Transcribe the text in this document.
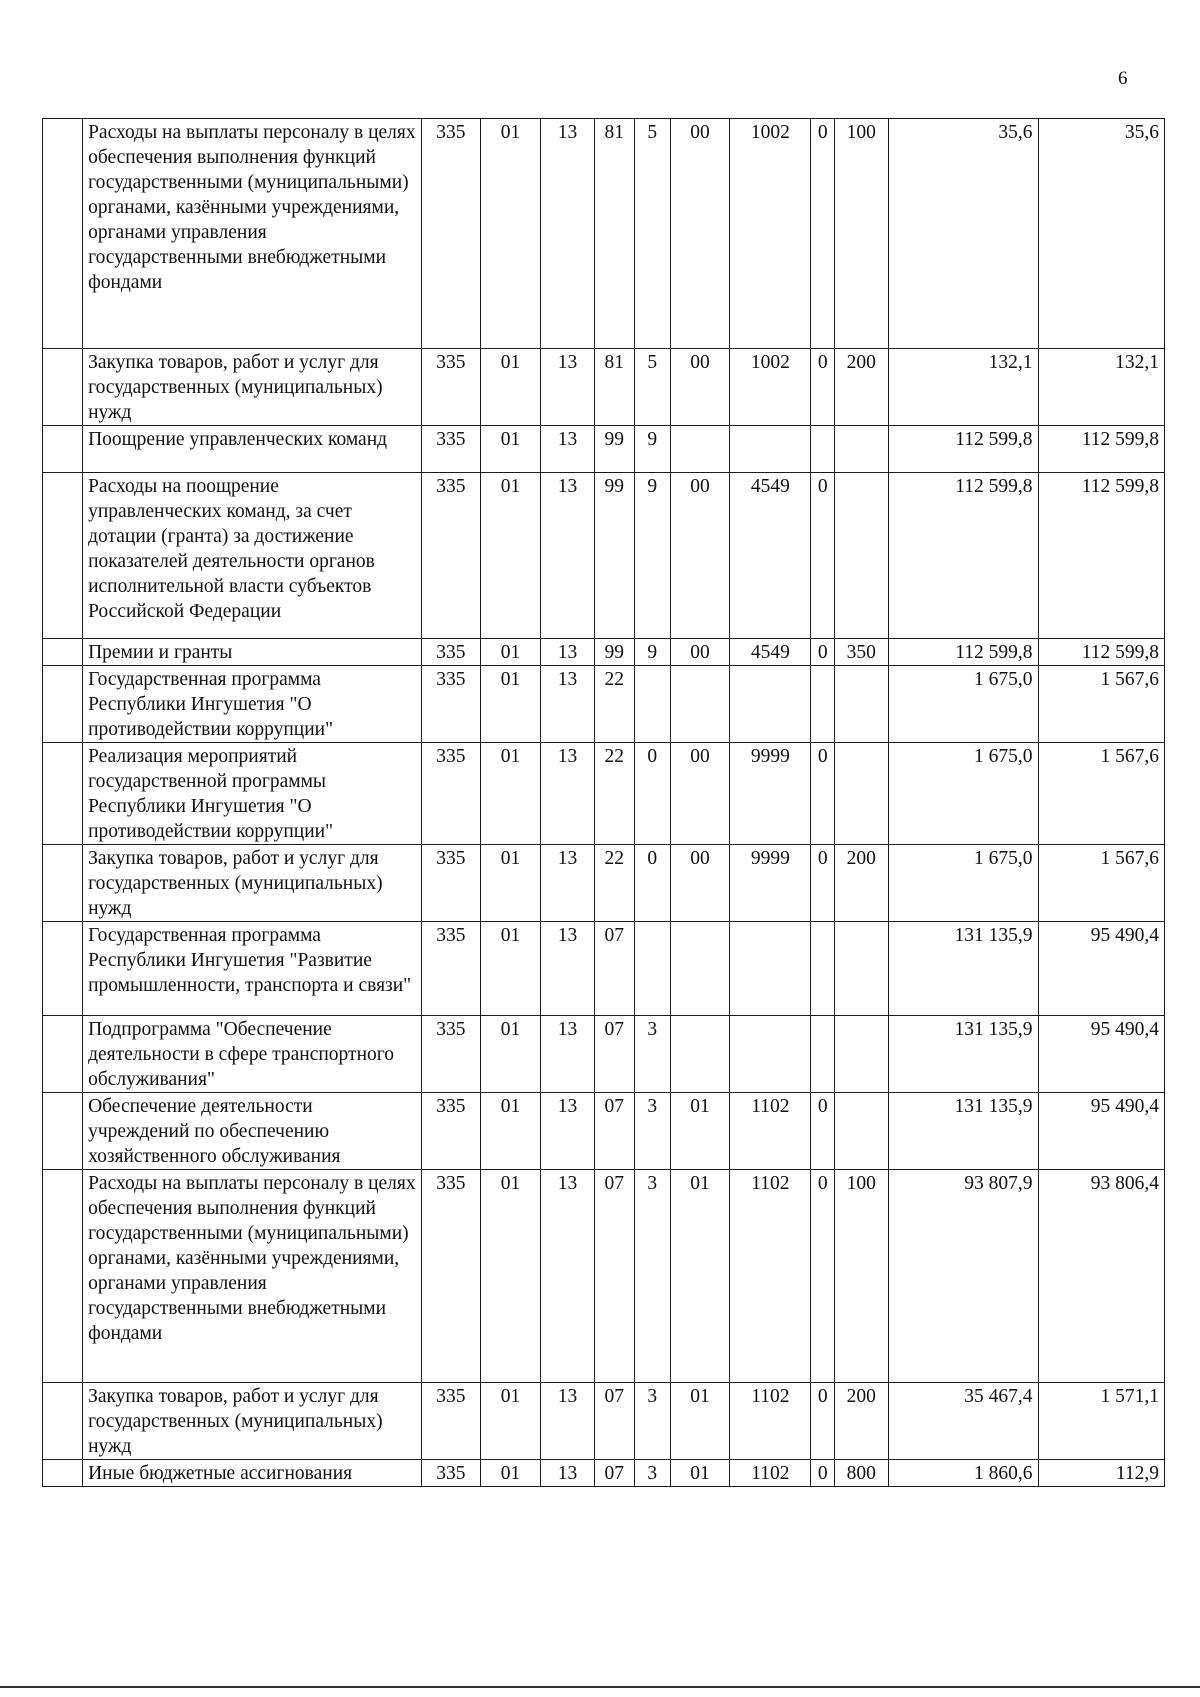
6
	Расходы на выплаты персоналу в целях обеспечения выполнения функций государственными (муниципальными) органами, казёнными учреждениями, органами управления государственными внебюджетными фондами	335	01	13	81	5	00	1002	0	100	35,6	35,6
	Закупка товаров, работ и услуг для государственных (муниципальных) нужд	335	01	13	81	5	00	1002	0	200	132,1	132,1
	Поощрение управленческих команд	335	01	13	99	9					112 599,8	112 599,8
	Расходы на поощрение управленческих команд, за счет дотации (гранта) за достижение показателей деятельности органов исполнительной власти субъектов Российской Федерации	335	01	13	99	9	00	4549	0		112 599,8	112 599,8
	Премии и гранты	335	01	13	99	9	00	4549	0	350	112 599,8	112 599,8
	Государственная программа Республики Ингушетия "О противодействии коррупции"	335	01	13	22						1 675,0	1 567,6
	Реализация мероприятий государственной программы Республики Ингушетия "О противодействии коррупции"	335	01	13	22	0	00	9999	0		1 675,0	1 567,6
	Закупка товаров, работ и услуг для государственных (муниципальных) нужд	335	01	13	22	0	00	9999	0	200	1 675,0	1 567,6
	Государственная программа Республики Ингушетия "Развитие промышленности, транспорта и связи"	335	01	13	07						131 135,9	95 490,4
	Подпрограмма "Обеспечение деятельности в сфере транспортного обслуживания"	335	01	13	07	3					131 135,9	95 490,4
	Обеспечение деятельности учреждений по обеспечению хозяйственного обслуживания	335	01	13	07	3	01	1102	0		131 135,9	95 490,4
	Расходы на выплаты персоналу в целях обеспечения выполнения функций государственными (муниципальными) органами, казёнными учреждениями, органами управления государственными внебюджетными фондами	335	01	13	07	3	01	1102	0	100	93 807,9	93 806,4
	Закупка товаров, работ и услуг для государственных (муниципальных) нужд	335	01	13	07	3	01	1102	0	200	35 467,4	1 571,1
	Иные бюджетные ассигнования	335	01	13	07	3	01	1102	0	800	1 860,6	112,9
